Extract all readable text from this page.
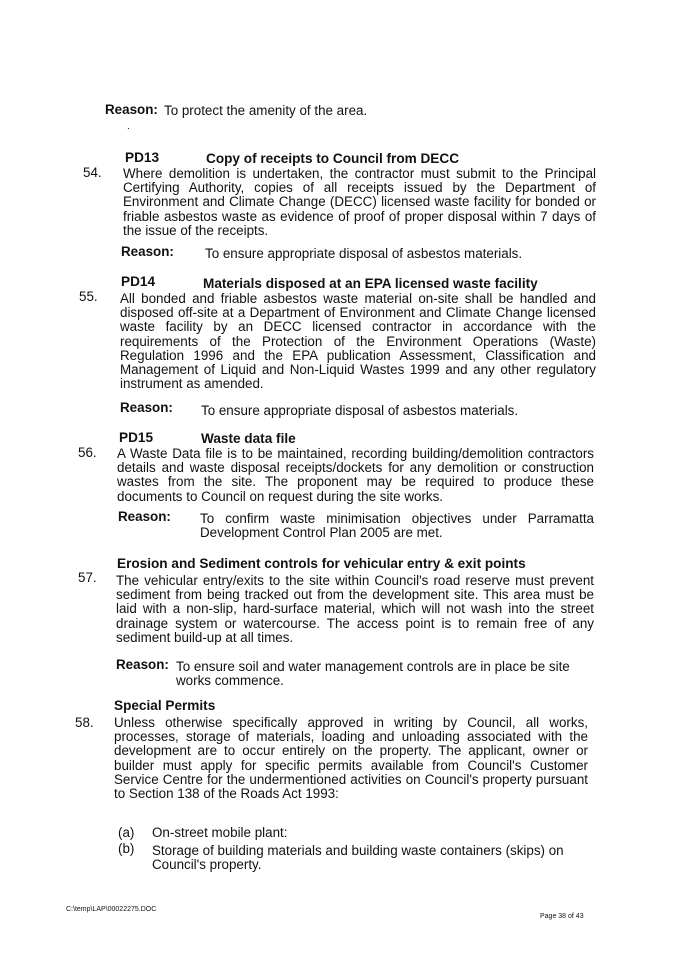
Reason: To protect the amenity of the area.
.
54.
PD13	Copy of receipts to Council from DECC
Where demolition is undertaken, the contractor must submit to the Principal Certifying Authority, copies of all receipts issued by the Department of Environment and Climate Change (DECC) licensed waste facility for bonded or friable asbestos waste as evidence of proof of proper disposal within 7 days of the issue of the receipts.
Reason: To ensure appropriate disposal of asbestos materials.
55.
PD14	Materials disposed at an EPA licensed waste facility
All bonded and friable asbestos waste material on-site shall be handled and disposed off-site at a Department of Environment and Climate Change licensed waste facility by an DECC licensed contractor in accordance with the requirements of the Protection of the Environment Operations (Waste) Regulation 1996 and the EPA publication Assessment, Classification and Management of Liquid and Non-Liquid Wastes 1999 and any other regulatory instrument as amended.
Reason: To ensure appropriate disposal of asbestos materials.
56.
PD15	Waste data file
A Waste Data file is to be maintained, recording building/demolition contractors details and waste disposal receipts/dockets for any demolition or construction wastes from the site. The proponent may be required to produce these documents to Council on request during the site works.
Reason: To confirm waste minimisation objectives under Parramatta Development Control Plan 2005 are met.
57.
Erosion and Sediment controls for vehicular entry & exit points
The vehicular entry/exits to the site within Council's road reserve must prevent sediment from being tracked out from the development site. This area must be laid with a non-slip, hard-surface material, which will not wash into the street drainage system or watercourse. The access point is to remain free of any sediment build-up at all times.
Reason: To ensure soil and water management controls are in place be site works commence.
58.
Special Permits
Unless otherwise specifically approved in writing by Council, all works, processes, storage of materials, loading and unloading associated with the development are to occur entirely on the property. The applicant, owner or builder must apply for specific permits available from Council's Customer Service Centre for the undermentioned activities on Council's property pursuant to Section 138 of the Roads Act 1993:
(a) On-street mobile plant:
(b) Storage of building materials and building waste containers (skips) on Council's property.
C:\temp\LAP\00022275.DOC
Page 38 of 43
